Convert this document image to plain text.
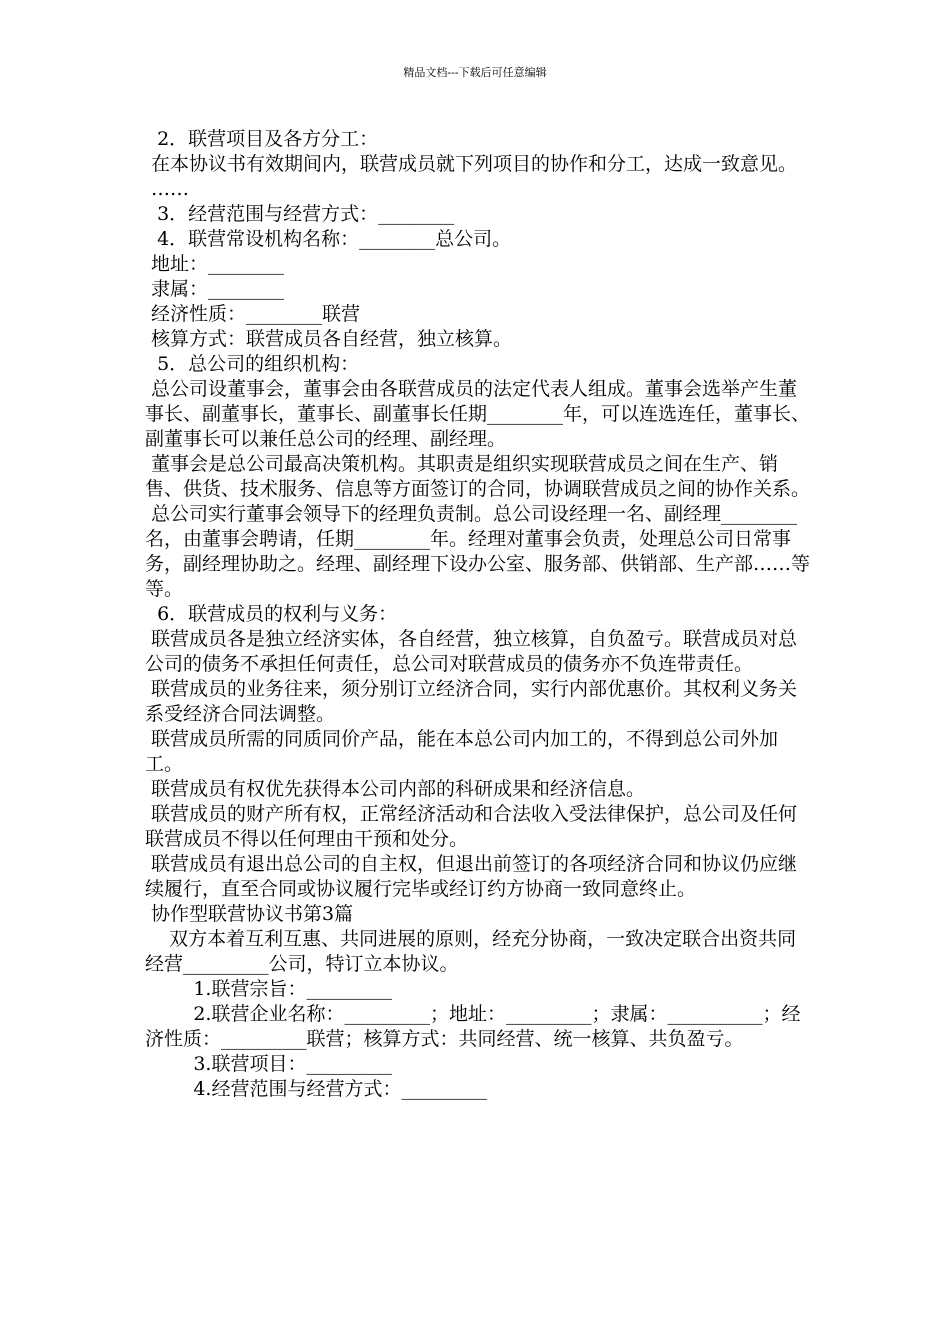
精品文档---下载后可任意编辑

2．联营项目及各方分工：

在本协议书有效期间内，联营成员就下列项目的协作和分工，达成一致意见。

……

3．经营范围与经营方式：________

4．联营常设机构名称：________总公司。

地址：________

隶属：________

经济性质：________联营

核算方式：联营成员各自经营，独立核算。

5．总公司的组织机构：

总公司设董事会，董事会由各联营成员的法定代表人组成。董事会选举产生董事长、副董事长，董事长、副董事长任期________年，可以连选连任，董事长、副董事长可以兼任总公司的经理、副经理。

董事会是总公司最高决策机构。其职责是组织实现联营成员之间在生产、销售、供货、技术服务、信息等方面签订的合同，协调联营成员之间的协作关系。

总公司实行董事会领导下的经理负责制。总公司设经理一名、副经理________名，由董事会聘请，任期________年。经理对董事会负责，处理总公司日常事务，副经理协助之。经理、副经理下设办公室、服务部、供销部、生产部……等等。

6．联营成员的权利与义务：

联营成员各是独立经济实体，各自经营，独立核算，自负盈亏。联营成员对总公司的债务不承担任何责任，总公司对联营成员的债务亦不负连带责任。

联营成员的业务往来，须分别订立经济合同，实行内部优惠价。其权利义务关系受经济合同法调整。

联营成员所需的同质同价产品，能在本总公司内加工的，不得到总公司外加工。

联营成员有权优先获得本公司内部的科研成果和经济信息。

联营成员的财产所有权，正常经济活动和合法收入受法律保护，总公司及任何联营成员不得以任何理由干预和处分。

联营成员有退出总公司的自主权，但退出前签订的各项经济合同和协议仍应继续履行，直至合同或协议履行完毕或经订约方协商一致同意终止。

协作型联营协议书第3篇

双方本着互利互惠、共同进展的原则，经充分协商，一致决定联合出资共同经营_________公司，特订立本协议。

1.联营宗旨：_________

2.联营企业名称：_________；地址：_________；隶属：__________；经济性质：_________联营；核算方式：共同经营、统一核算、共负盈亏。

3.联营项目：_________

4.经营范围与经营方式：_________
